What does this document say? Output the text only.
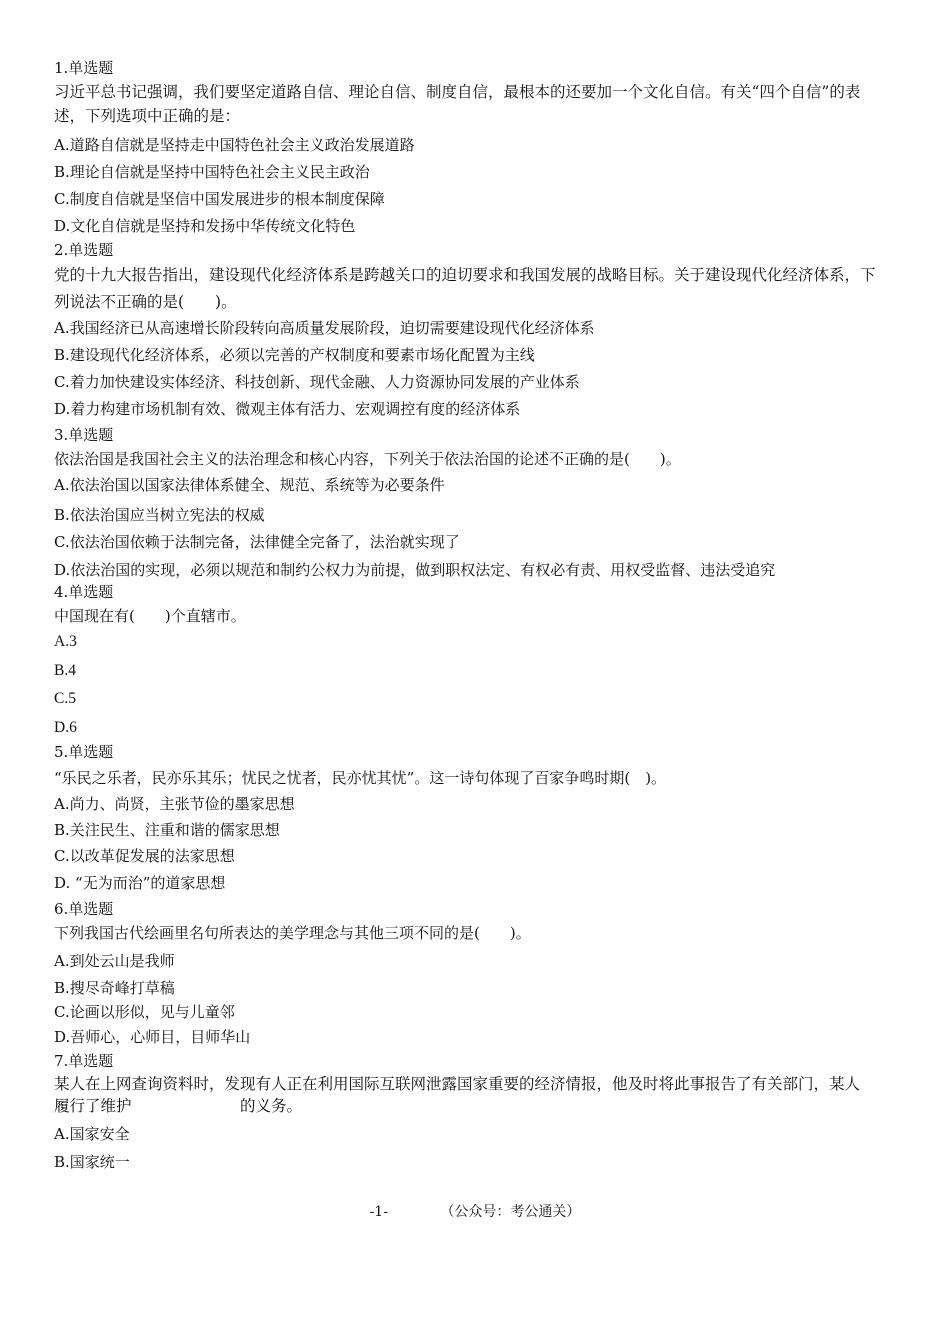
1.单选题
习近平总书记强调，我们要坚定道路自信、理论自信、制度自信，最根本的还要加一个文化自信。有关“四个自信”的表述，下列选项中正确的是：
A.道路自信就是坚持走中国特色社会主义政治发展道路
B.理论自信就是坚持中国特色社会主义民主政治
C.制度自信就是坚信中国发展进步的根本制度保障
D.文化自信就是坚持和发扬中华传统文化特色
2.单选题
党的十九大报告指出，建设现代化经济体系是跨越关口的迫切要求和我国发展的战略目标。关于建设现代化经济体系，下列说法不正确的是(　　)。
A.我国经济已从高速增长阶段转向高质量发展阶段，迫切需要建设现代化经济体系
B.建设现代化经济体系，必须以完善的产权制度和要素市场化配置为主线
C.着力加快建设实体经济、科技创新、现代金融、人力资源协同发展的产业体系
D.着力构建市场机制有效、微观主体有活力、宏观调控有度的经济体系
3.单选题
依法治国是我国社会主义的法治理念和核心内容，下列关于依法治国的论述不正确的是(　　)。
A.依法治国以国家法律体系健全、规范、系统等为必要条件
B.依法治国应当树立宪法的权威
C.依法治国依赖于法制完备，法律健全完备了，法治就实现了
D.依法治国的实现，必须以规范和制约公权力为前提，做到职权法定、有权必有责、用权受监督、违法受追究
4.单选题
中国现在有(　　)个直辖市。
A.3
B.4
C.5
D.6
5.单选题
“乐民之乐者，民亦乐其乐；忧民之忧者，民亦忧其忧”。这一诗句体现了百家争鸣时期(　)。
A.尚力、尚贤，主张节俭的墨家思想
B.关注民生、注重和谐的儒家思想
C.以改革促发展的法家思想
D. “无为而治”的道家思想
6.单选题
下列我国古代绘画里名句所表达的美学理念与其他三项不同的是(　　)。
A.到处云山是我师
B.搜尽奇峰打草稿
C.论画以形似，见与儿童邻
D.吾师心，心师目，目师华山
7.单选题
某人在上网查询资料时，发现有人正在利用国际互联网泄露国家重要的经济情报，他及时将此事报告了有关部门，某人履行了维护　　　　　　　的义务。
A.国家安全
B.国家统一
-1-	（公众号：考公通关）
